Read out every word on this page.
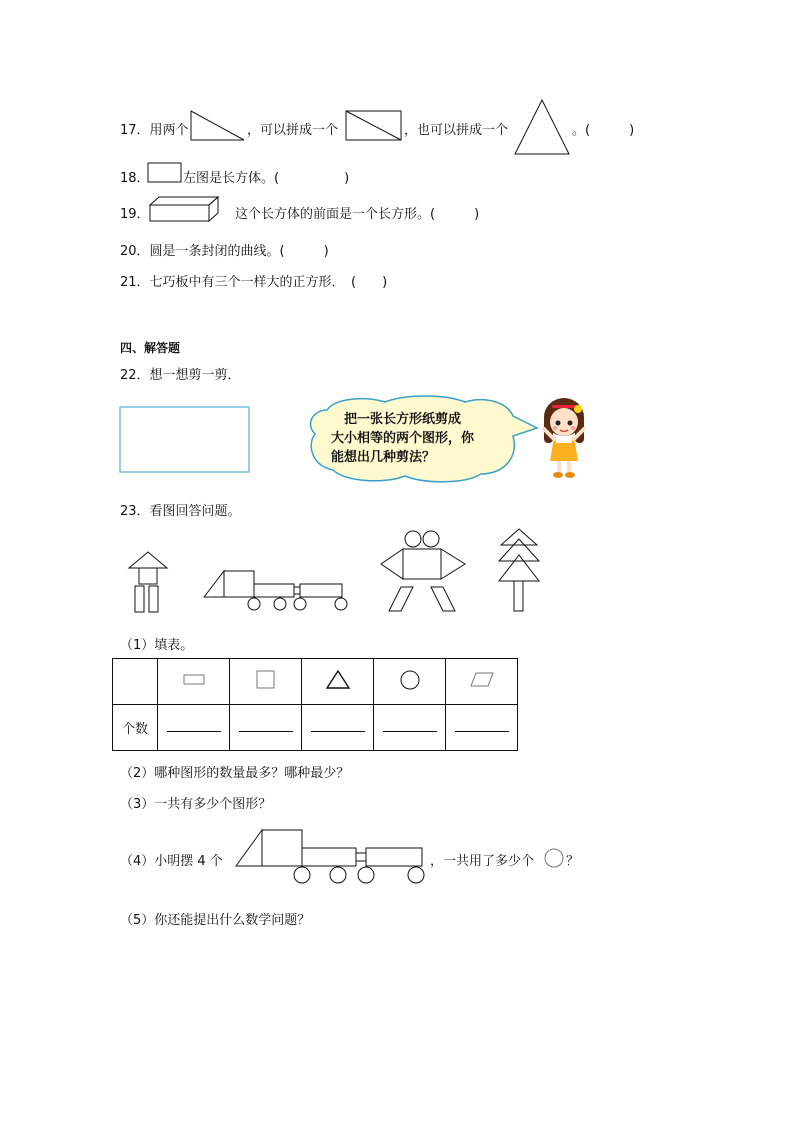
17．用两个	，可以拼成一个	，也可以拼成一个	。(　　　)
18．	左图是长方体。(　　　　　)
19．	这个长方体的前面是一个长方形。(　　　)
20．圆是一条封闭的曲线。(　　　)
21．七巧板中有三个一样大的正方形．　(　　)
四、解答题
22．想一想剪一剪．
　把一张长方形纸剪成
大小相等的两个图形，你
能想出几种剪法？
23．看图回答问题。
（1）填表。

个数					
（2）哪种图形的数量最多？哪种最少？
（3）一共有多少个图形？
（4）小明摆 4 个	，一共用了多少个 ？
（5）你还能提出什么数学问题？
